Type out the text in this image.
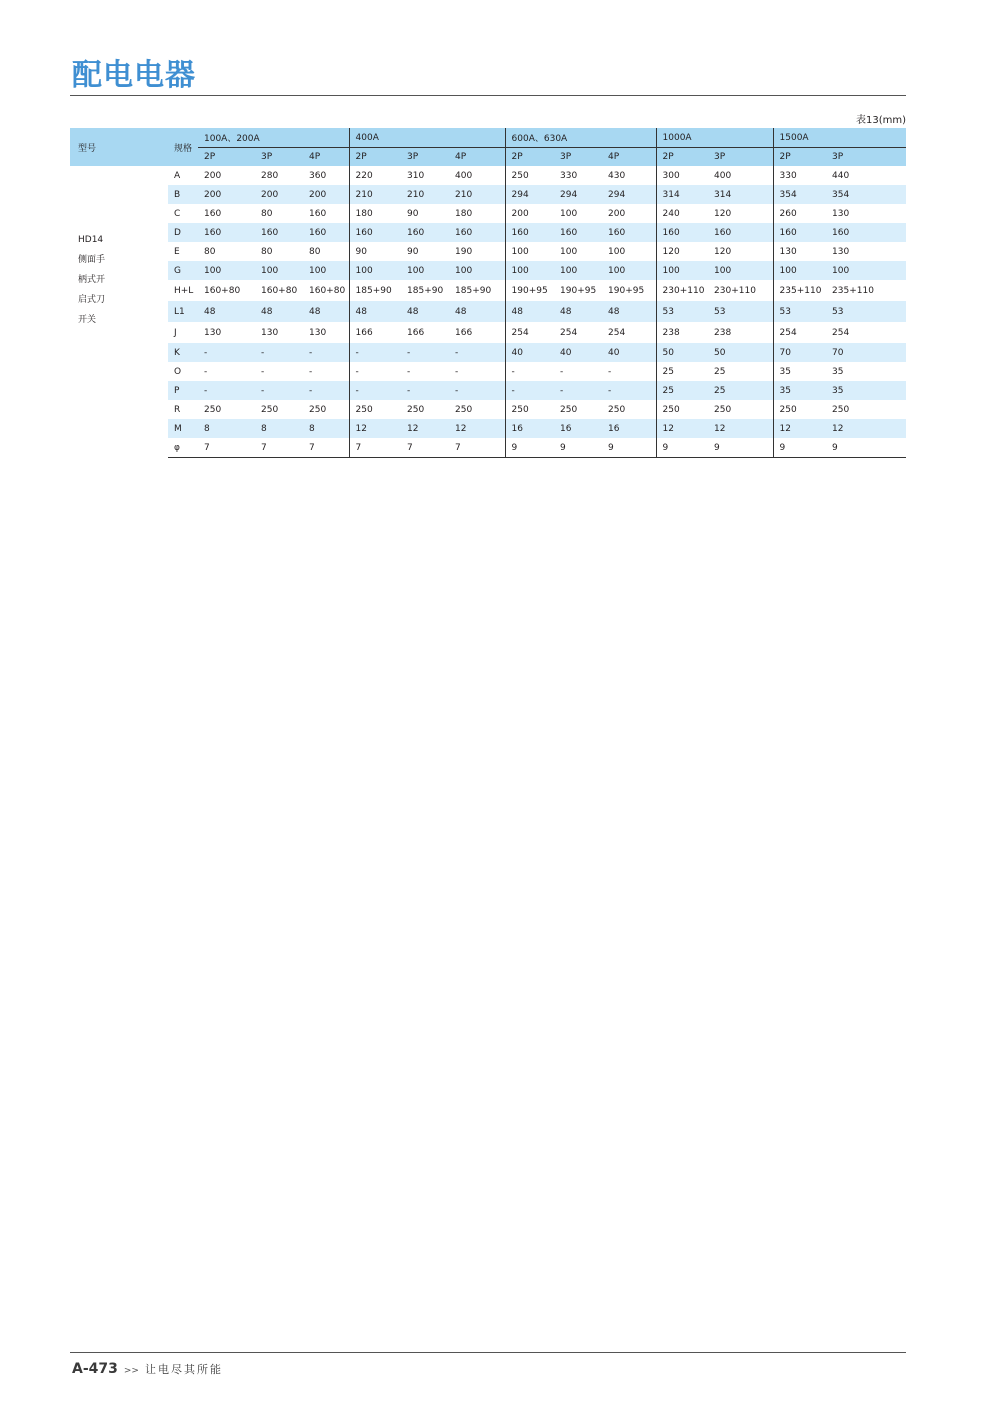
配电电器
表13(mm)
型号	规格	100A、200A			400A			600A、630A			1000A		1500A	
		2P	3P	4P	2P	3P	4P	2P	3P	4P	2P	3P	2P	3P

HD14
侧面手
柄式开
启式刀
开关	A	200	280	360	220	310	400	250	330	430	300	400	330	440
	B	200	200	200	210	210	210	294	294	294	314	314	354	354
	C	160	80	160	180	90	180	200	100	200	240	120	260	130
	D	160	160	160	160	160	160	160	160	160	160	160	160	160
	E	80	80	80	90	90	190	100	100	100	120	120	130	130
	G	100	100	100	100	100	100	100	100	100	100	100	100	100
	H+L	160+80	160+80	160+80	185+90	185+90	185+90	190+95	190+95	190+95	230+110	230+110	235+110	235+110
	L1	48	48	48	48	48	48	48	48	48	53	53	53	53
	J	130	130	130	166	166	166	254	254	254	238	238	254	254
	K	-	-	-	-	-	-	40	40	40	50	50	70	70
	O	-	-	-	-	-	-	-	-	-	25	25	35	35
	P	-	-	-	-	-	-	-	-	-	25	25	35	35
	R	250	250	250	250	250	250	250	250	250	250	250	250	250
	M	8	8	8	12	12	12	16	16	16	12	12	12	12
	φ	7	7	7	7	7	7	9	9	9	9	9	9	9
A-473 >> 让电尽其所能
